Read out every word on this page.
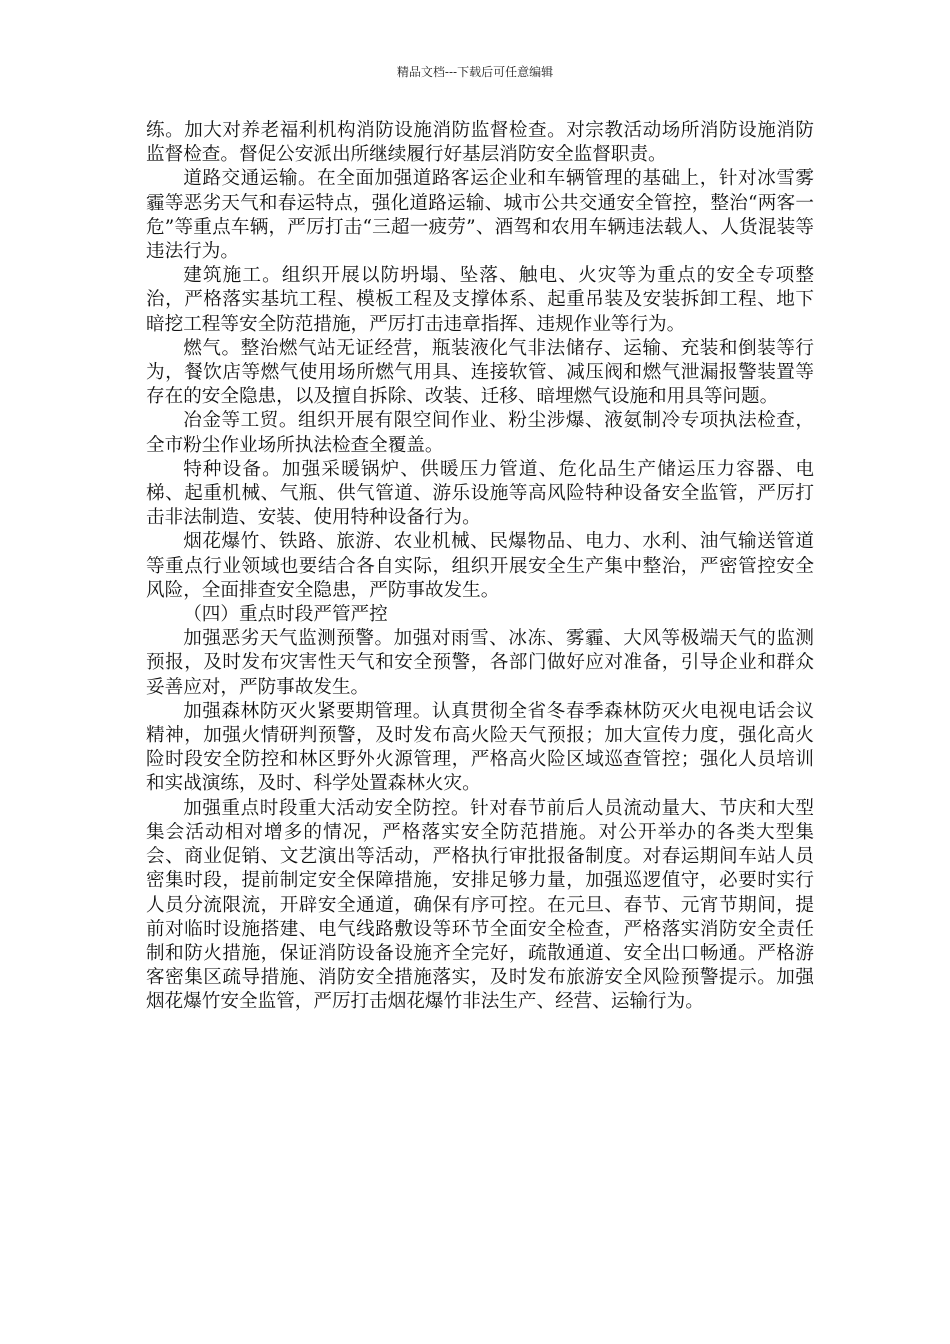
精品文档---下载后可任意编辑

练。加大对养老福利机构消防设施消防监督检查。对宗教活动场所消防设施消防监督检查。督促公安派出所继续履行好基层消防安全监督职责。

道路交通运输。在全面加强道路客运企业和车辆管理的基础上，针对冰雪雾霾等恶劣天气和春运特点，强化道路运输、城市公共交通安全管控，整治“两客一危”等重点车辆，严厉打击“三超一疲劳”、酒驾和农用车辆违法载人、人货混装等违法行为。

建筑施工。组织开展以防坍塌、坠落、触电、火灾等为重点的安全专项整治，严格落实基坑工程、模板工程及支撑体系、起重吊装及安装拆卸工程、地下暗挖工程等安全防范措施，严厉打击违章指挥、违规作业等行为。

燃气。整治燃气站无证经营，瓶装液化气非法储存、运输、充装和倒装等行为，餐饮店等燃气使用场所燃气用具、连接软管、减压阀和燃气泄漏报警装置等存在的安全隐患，以及擅自拆除、改装、迁移、暗埋燃气设施和用具等问题。

冶金等工贸。组织开展有限空间作业、粉尘涉爆、液氨制冷专项执法检查，全市粉尘作业场所执法检查全覆盖。

特种设备。加强采暖锅炉、供暖压力管道、危化品生产储运压力容器、电梯、起重机械、气瓶、供气管道、游乐设施等高风险特种设备安全监管，严厉打击非法制造、安装、使用特种设备行为。

烟花爆竹、铁路、旅游、农业机械、民爆物品、电力、水利、油气输送管道等重点行业领域也要结合各自实际，组织开展安全生产集中整治，严密管控安全风险，全面排查安全隐患，严防事故发生。

（四）重点时段严管严控

加强恶劣天气监测预警。加强对雨雪、冰冻、雾霾、大风等极端天气的监测预报，及时发布灾害性天气和安全预警，各部门做好应对准备，引导企业和群众妥善应对，严防事故发生。

加强森林防灭火紧要期管理。认真贯彻全省冬春季森林防灭火电视电话会议精神，加强火情研判预警，及时发布高火险天气预报；加大宣传力度，强化高火险时段安全防控和林区野外火源管理，严格高火险区域巡查管控；强化人员培训和实战演练，及时、科学处置森林火灾。

加强重点时段重大活动安全防控。针对春节前后人员流动量大、节庆和大型集会活动相对增多的情况，严格落实安全防范措施。对公开举办的各类大型集会、商业促销、文艺演出等活动，严格执行审批报备制度。对春运期间车站人员密集时段，提前制定安全保障措施，安排足够力量，加强巡逻值守，必要时实行人员分流限流，开辟安全通道，确保有序可控。在元旦、春节、元宵节期间，提前对临时设施搭建、电气线路敷设等环节全面安全检查，严格落实消防安全责任制和防火措施，保证消防设备设施齐全完好，疏散通道、安全出口畅通。严格游客密集区疏导措施、消防安全措施落实，及时发布旅游安全风险预警提示。加强烟花爆竹安全监管，严厉打击烟花爆竹非法生产、经营、运输行为。
